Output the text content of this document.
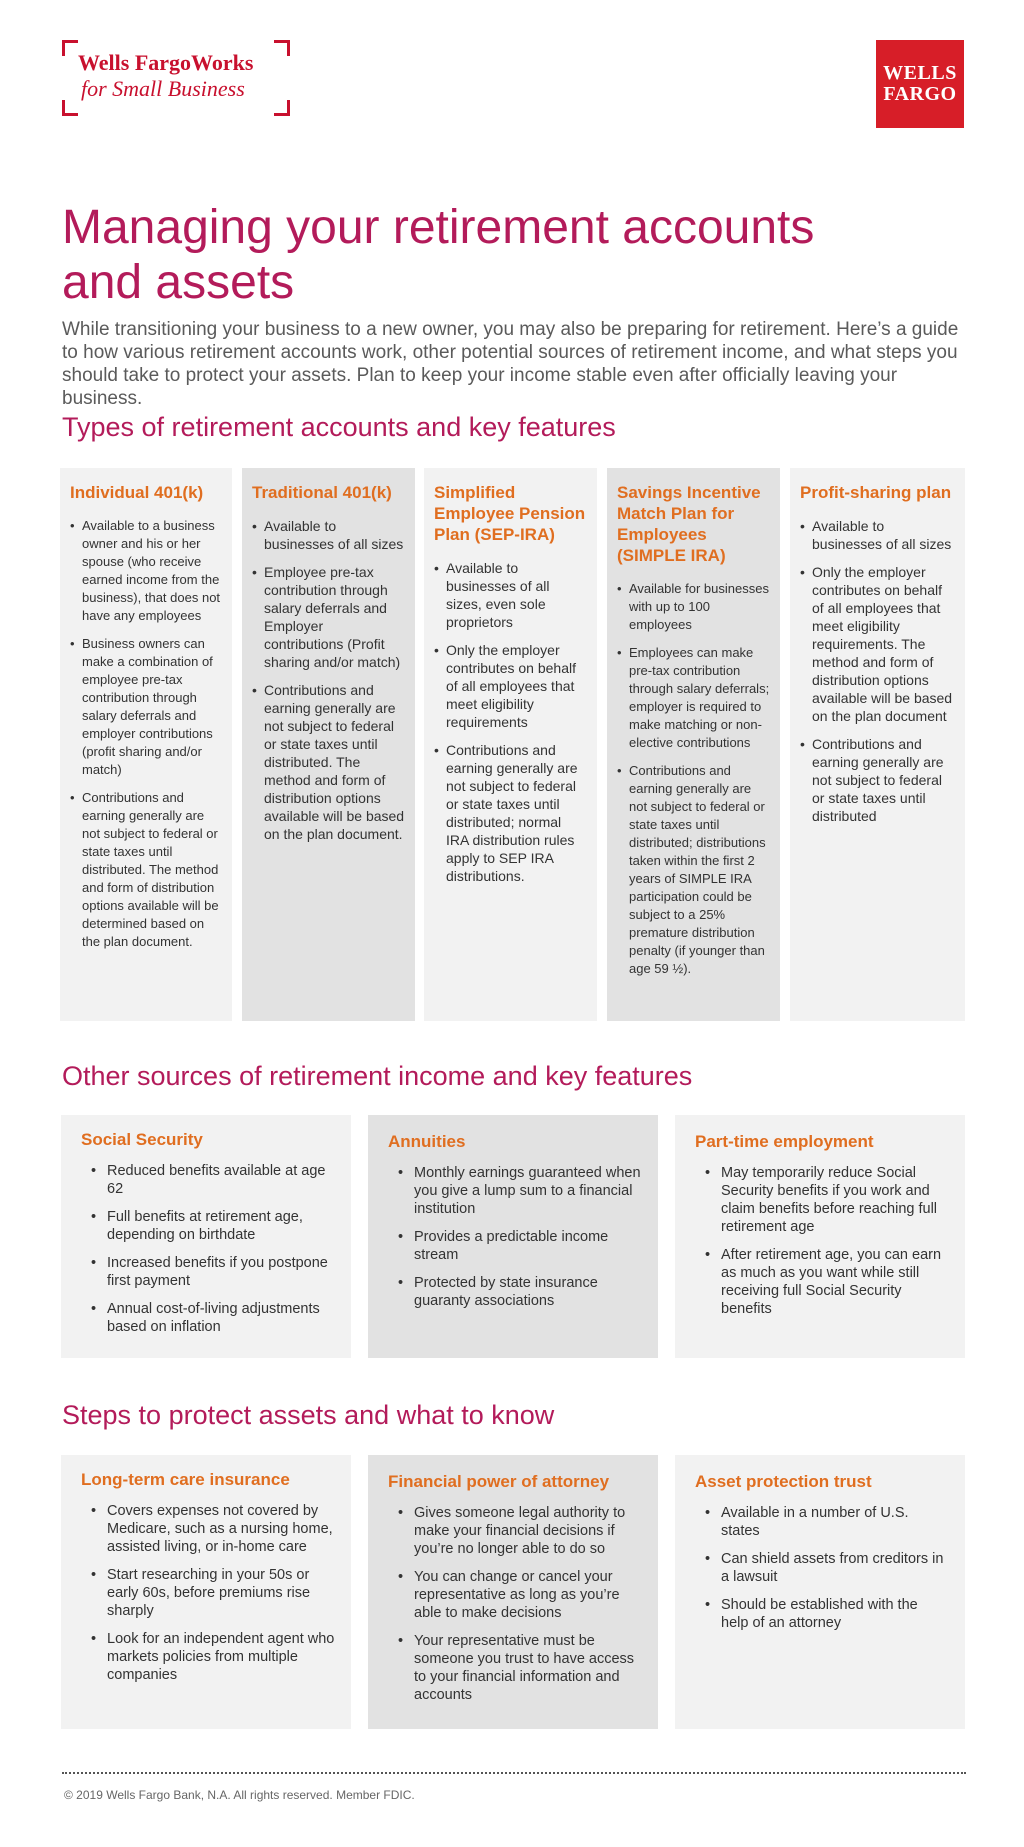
Wells FargoWorks
for Small Business
WELLS
FARGO
Managing your retirement accounts and assets

While transitioning your business to a new owner, you may also be preparing for retirement. Here’s a guide to how various retirement accounts work, other potential sources of retirement income, and what steps you should take to protect your assets. Plan to keep your income stable even after officially leaving your business.

Types of retirement accounts and key features
Individual 401(k)
• Available to a business owner and his or her spouse (who receive earned income from the business), that does not have any employees
• Business owners can make a combination of employee pre-tax contribution through salary deferrals and employer contributions (profit sharing and/or match)
• Contributions and earning generally are not subject to federal or state taxes until distributed. The method and form of distribution options available will be determined based on the plan document.
Traditional 401(k)
• Available to businesses of all sizes
• Employee pre-tax contribution through salary deferrals and Employer contributions (Profit sharing and/or match)
• Contributions and earning generally are not subject to federal or state taxes until distributed. The method and form of distribution options available will be based on the plan document.
Simplified Employee Pension Plan (SEP-IRA)
• Available to businesses of all sizes, even sole proprietors
• Only the employer contributes on behalf of all employees that meet eligibility requirements
• Contributions and earning generally are not subject to federal or state taxes until distributed; normal IRA distribution rules apply to SEP IRA distributions.
Savings Incentive Match Plan for Employees (SIMPLE IRA)
• Available for businesses with up to 100 employees
• Employees can make pre-tax contribution through salary deferrals; employer is required to make matching or non-elective contributions
• Contributions and earning generally are not subject to federal or state taxes until distributed; distributions taken within the first 2 years of SIMPLE IRA participation could be subject to a 25% premature distribution penalty (if younger than age 59 ½).
Profit-sharing plan
• Available to businesses of all sizes
• Only the employer contributes on behalf of all employees that meet eligibility requirements. The method and form of distribution options available will be based on the plan document
• Contributions and earning generally are not subject to federal or state taxes until distributed
Other sources of retirement income and key features
Social Security
• Reduced benefits available at age 62
• Full benefits at retirement age, depending on birthdate
• Increased benefits if you postpone first payment
• Annual cost-of-living adjustments based on inflation
Annuities
• Monthly earnings guaranteed when you give a lump sum to a financial institution
• Provides a predictable income stream
• Protected by state insurance guaranty associations
Part-time employment
• May temporarily reduce Social Security benefits if you work and claim benefits before reaching full retirement age
• After retirement age, you can earn as much as you want while still receiving full Social Security benefits
Steps to protect assets and what to know
Long-term care insurance
• Covers expenses not covered by Medicare, such as a nursing home, assisted living, or in-home care
• Start researching in your 50s or early 60s, before premiums rise sharply
• Look for an independent agent who markets policies from multiple companies
Financial power of attorney
• Gives someone legal authority to make your financial decisions if you’re no longer able to do so
• You can change or cancel your representative as long as you’re able to make decisions
• Your representative must be someone you trust to have access to your financial information and accounts
Asset protection trust
• Available in a number of U.S. states
• Can shield assets from creditors in a lawsuit
• Should be established with the help of an attorney
© 2019 Wells Fargo Bank, N.A. All rights reserved. Member FDIC.
